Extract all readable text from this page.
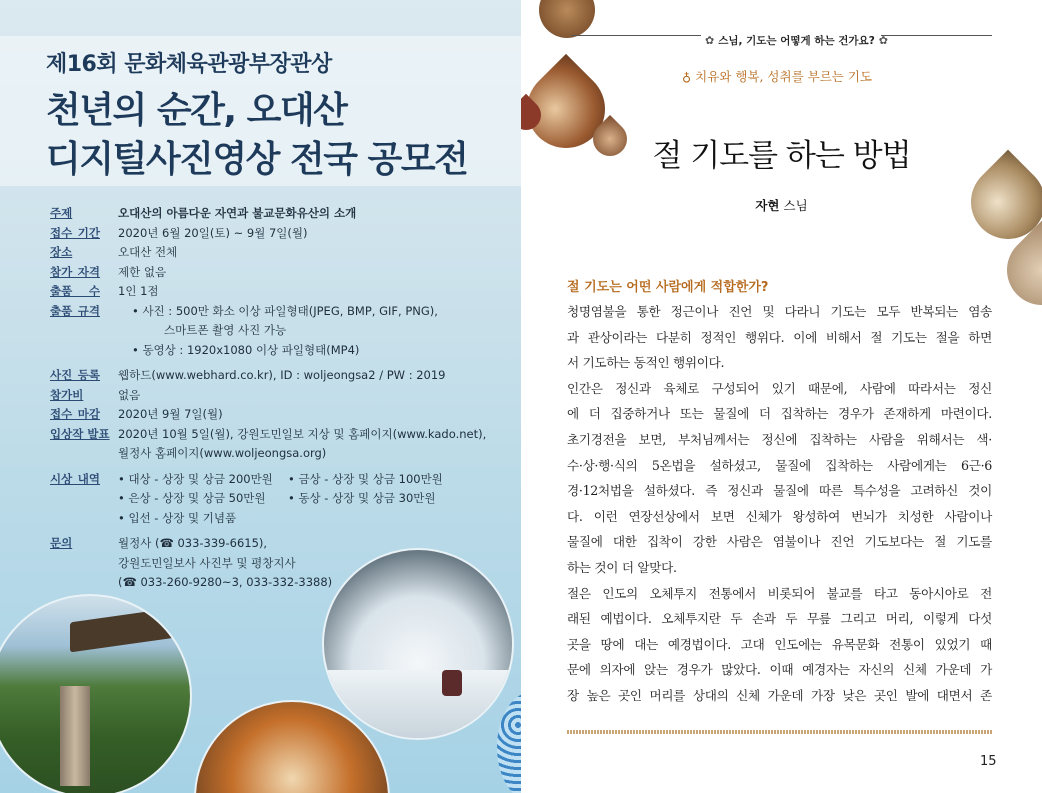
제16회 문화체육관광부장관상
천년의 순간, 오대산
디지털사진영상 전국 공모전
주제	오대산의 아름다운 자연과 불교문화유산의 소개
접수 기간 2020년 6월 20일(토) ~ 9월 7일(월)
장소	오대산 전체
참가 자격 제한 없음
출품 수 1인 1점
출품 규격	• 사진 : 500만 화소 이상 파일형태(JPEG, BMP, GIF, PNG),
스마트폰 촬영 사진 가능
• 동영상 : 1920x1080 이상 파일형태(MP4)
사진 등록 웹하드(www.webhard.co.kr), ID : woljeongsa2 / PW : 2019
참가비	없음
접수 마감 2020년 9월 7일(월)
입상작 발표 2020년 10월 5일(월), 강원도민일보 지상 및 홈페이지(www.kado.net),
월정사 홈페이지(www.woljeongsa.org)
시상 내역 • 대상 - 상장 및 상금 200만원	• 금상 - 상장 및 상금 100만원
• 은상 - 상장 및 상금 50만원	• 동상 - 상장 및 상금 30만원
• 입선 - 상장 및 기념품
문의	월정사 (☎ 033-339-6615),
강원도민일보사 사진부 및 평창지사
(☎ 033-260-9280~3, 033-332-3388)
✿ 스님, 기도는 어떻게 하는 건가요? ✿
♁ 치유와 행복, 성취를 부르는 기도
절 기도를 하는 방법
자현 스님
절 기도는 어떤 사람에게 적합한가?
청명염불을 통한 정근이나 진언 및 다라니 기도는 모두 반복되는 염송
과 관상이라는 다분히 정적인 행위다. 이에 비해서 절 기도는 절을 하면
서 기도하는 동적인 행위이다.
인간은 정신과 육체로 구성되어 있기 때문에, 사람에 따라서는 정신
에 더 집중하거나 또는 물질에 더 집착하는 경우가 존재하게 마련이다.
초기경전을 보면, 부처님께서는 정신에 집착하는 사람을 위해서는 색·
수·상·행·식의 5온법을 설하셨고, 물질에 집착하는 사람에게는 6근·6
경·12처법을 설하셨다. 즉 정신과 물질에 따른 특수성을 고려하신 것이
다. 이런 연장선상에서 보면 신체가 왕성하여 번뇌가 치성한 사람이나
물질에 대한 집착이 강한 사람은 염불이나 진언 기도보다는 절 기도를
하는 것이 더 알맞다.
절은 인도의 오체투지 전통에서 비롯되어 불교를 타고 동아시아로 전
래된 예법이다. 오체투지란 두 손과 두 무릎 그리고 머리, 이렇게 다섯
곳을 땅에 대는 예경법이다. 고대 인도에는 유목문화 전통이 있었기 때
문에 의자에 앉는 경우가 많았다. 이때 예경자는 자신의 신체 가운데 가
장 높은 곳인 머리를 상대의 신체 가운데 가장 낮은 곳인 발에 대면서 존
15
